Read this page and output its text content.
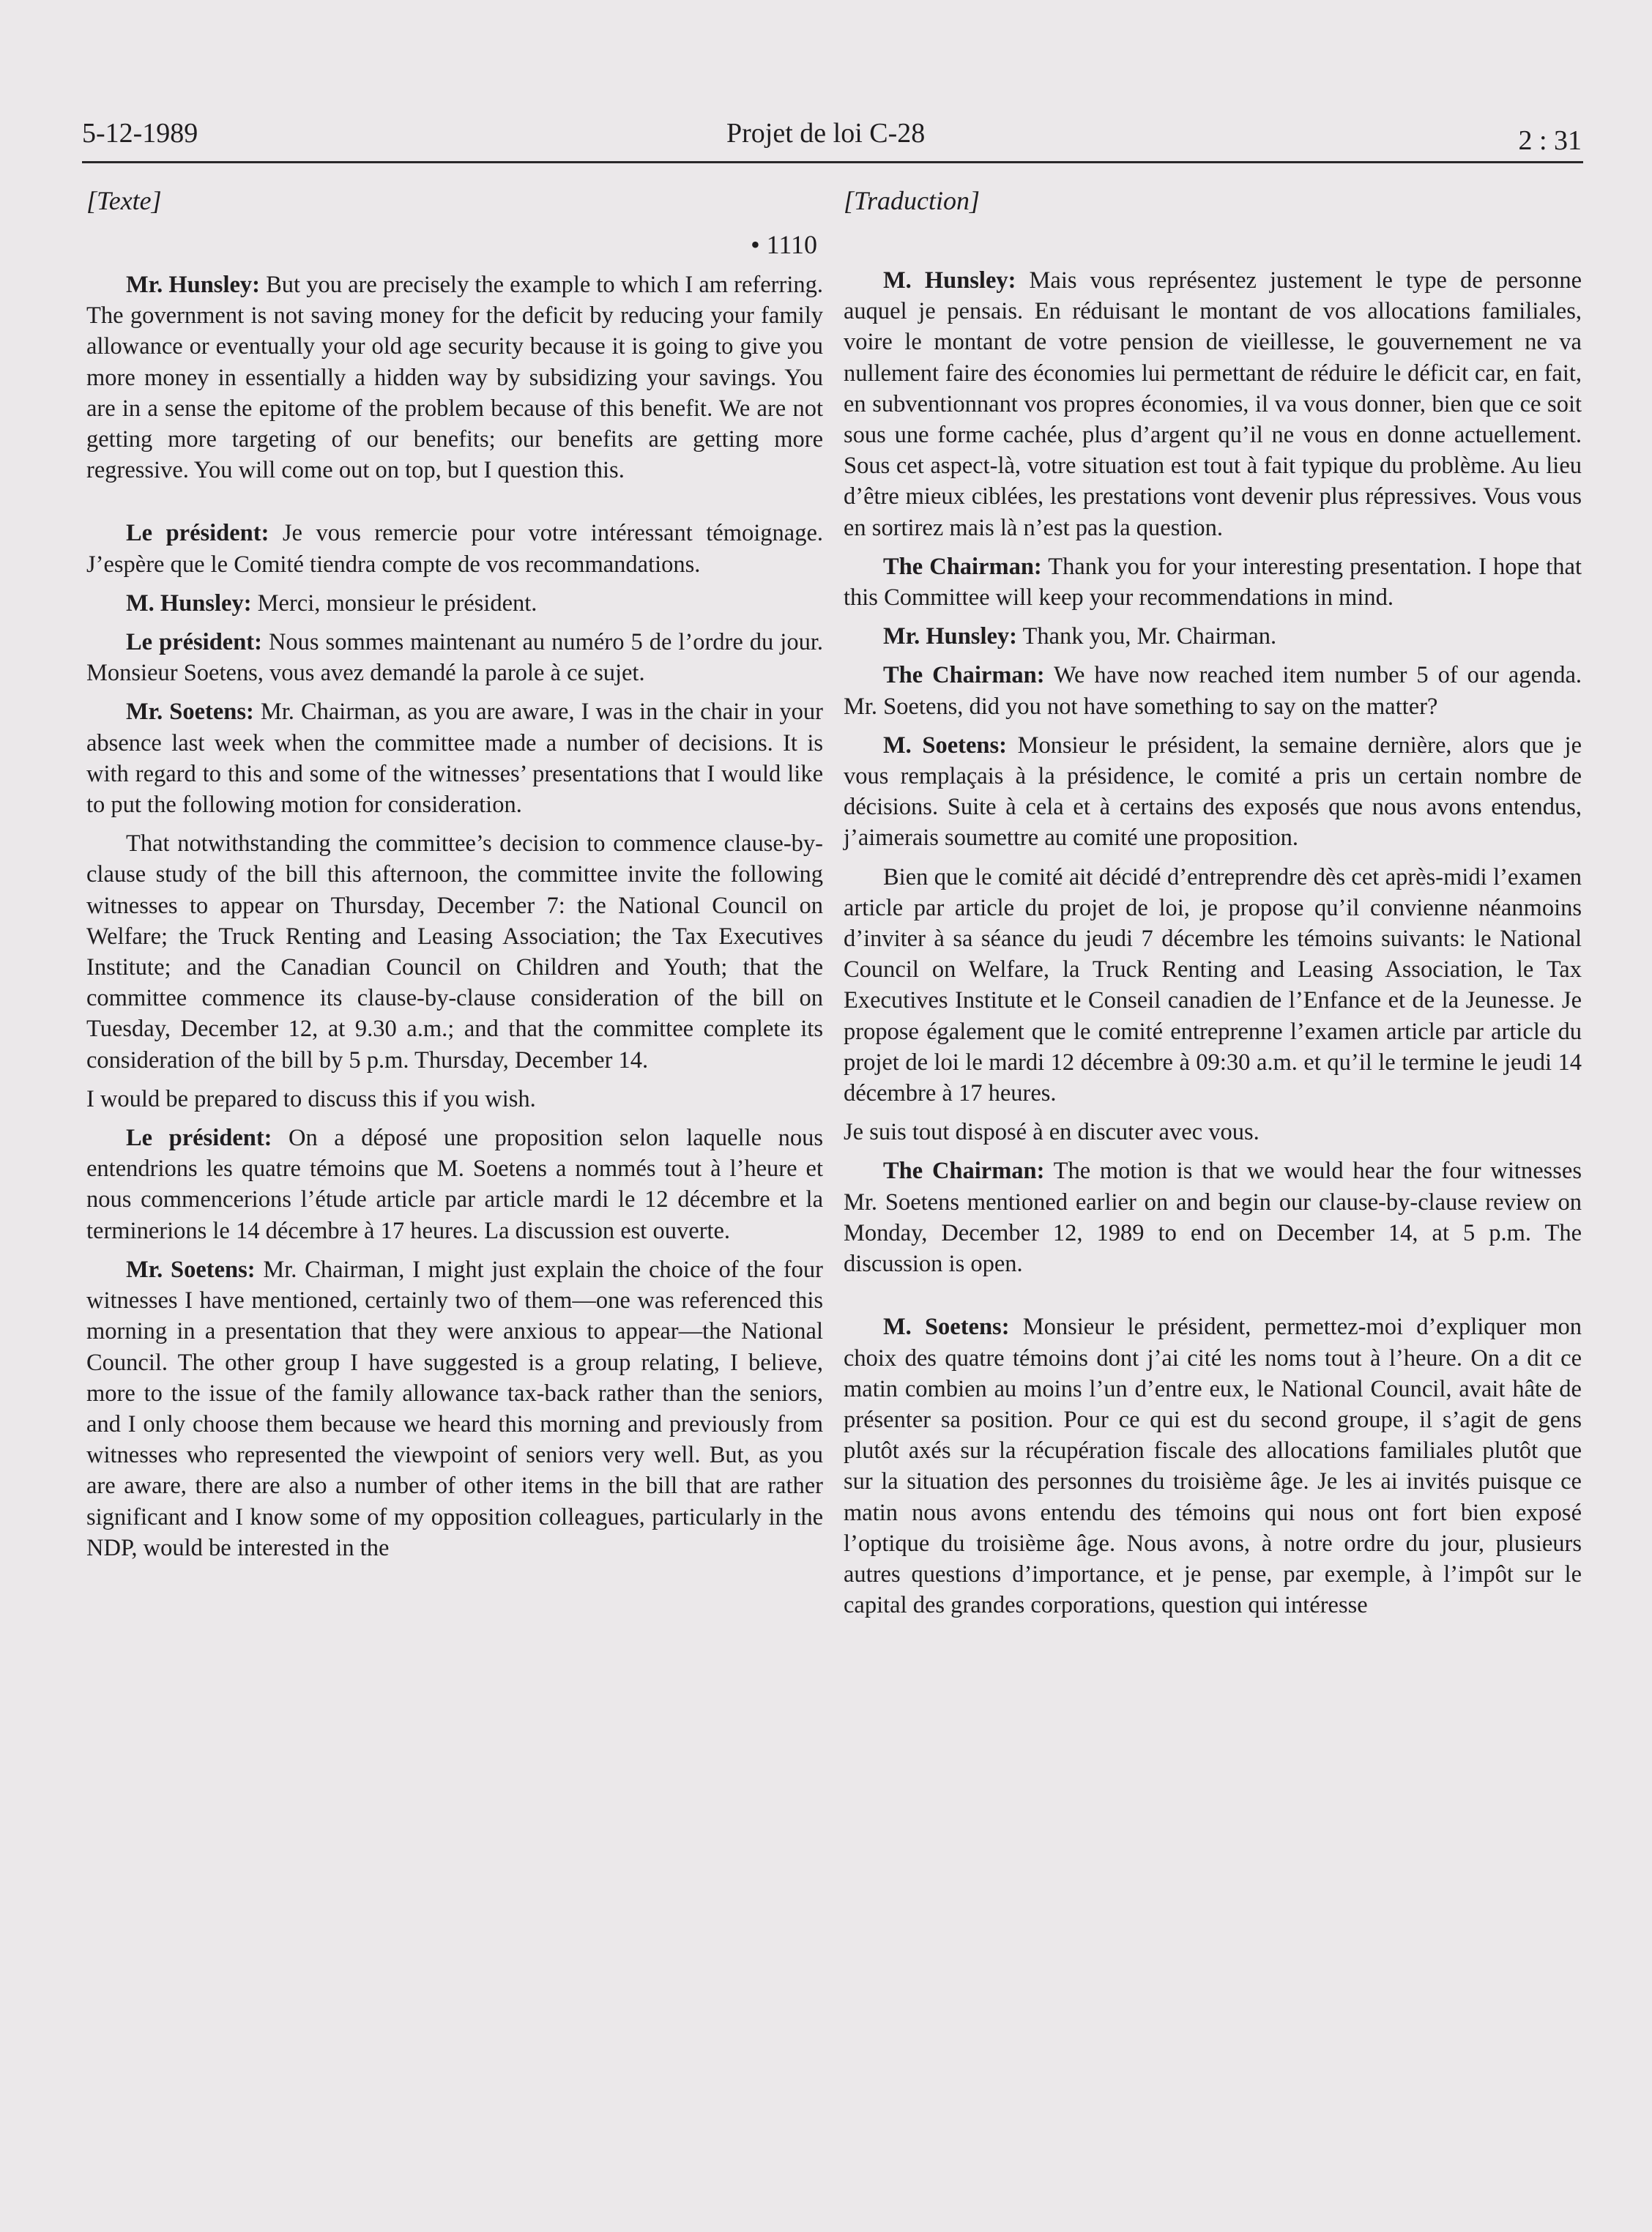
5-12-1989	Projet de loi C-28	2 : 31
[Texte]
• 1110

Mr. Hunsley: But you are precisely the example to which I am referring. The government is not saving money for the deficit by reducing your family allowance or eventually your old age security because it is going to give you more money in essentially a hidden way by subsidizing your savings. You are in a sense the epitome of the problem because of this benefit. We are not getting more targeting of our benefits; our benefits are getting more regressive. You will come out on top, but I question this.

Le président: Je vous remercie pour votre intéressant témoignage. J’espère que le Comité tiendra compte de vos recommandations.

M. Hunsley: Merci, monsieur le président.

Le président: Nous sommes maintenant au numéro 5 de l’ordre du jour. Monsieur Soetens, vous avez demandé la parole à ce sujet.

Mr. Soetens: Mr. Chairman, as you are aware, I was in the chair in your absence last week when the committee made a number of decisions. It is with regard to this and some of the witnesses’ presentations that I would like to put the following motion for consideration.

That notwithstanding the committee’s decision to commence clause-by-clause study of the bill this afternoon, the committee invite the following witnesses to appear on Thursday, December 7: the National Council on Welfare; the Truck Renting and Leasing Association; the Tax Executives Institute; and the Canadian Council on Children and Youth; that the committee commence its clause-by-clause consideration of the bill on Tuesday, December 12, at 9.30 a.m.; and that the committee complete its consideration of the bill by 5 p.m. Thursday, December 14.

I would be prepared to discuss this if you wish.

Le président: On a déposé une proposition selon laquelle nous entendrions les quatre témoins que M. Soetens a nommés tout à l’heure et nous commencerions l’étude article par article mardi le 12 décembre et la terminerions le 14 décembre à 17 heures. La discussion est ouverte.

Mr. Soetens: Mr. Chairman, I might just explain the choice of the four witnesses I have mentioned, certainly two of them—one was referenced this morning in a presentation that they were anxious to appear—the National Council. The other group I have suggested is a group relating, I believe, more to the issue of the family allowance tax-back rather than the seniors, and I only choose them because we heard this morning and previously from witnesses who represented the viewpoint of seniors very well. But, as you are aware, there are also a number of other items in the bill that are rather significant and I know some of my opposition colleagues, particularly in the NDP, would be interested in the

[Traduction]

M. Hunsley: Mais vous représentez justement le type de personne auquel je pensais. En réduisant le montant de vos allocations familiales, voire le montant de votre pension de vieillesse, le gouvernement ne va nullement faire des économies lui permettant de réduire le déficit car, en fait, en subventionnant vos propres économies, il va vous donner, bien que ce soit sous une forme cachée, plus d’argent qu’il ne vous en donne actuellement. Sous cet aspect-là, votre situation est tout à fait typique du problème. Au lieu d’être mieux ciblées, les prestations vont devenir plus répressives. Vous vous en sortirez mais là n’est pas la question.

The Chairman: Thank you for your interesting presentation. I hope that this Committee will keep your recommendations in mind.

Mr. Hunsley: Thank you, Mr. Chairman.

The Chairman: We have now reached item number 5 of our agenda. Mr. Soetens, did you not have something to say on the matter?

M. Soetens: Monsieur le président, la semaine dernière, alors que je vous remplaçais à la présidence, le comité a pris un certain nombre de décisions. Suite à cela et à certains des exposés que nous avons entendus, j’aimerais soumettre au comité une proposition.

Bien que le comité ait décidé d’entreprendre dès cet après-midi l’examen article par article du projet de loi, je propose qu’il convienne néanmoins d’inviter à sa séance du jeudi 7 décembre les témoins suivants: le National Council on Welfare, la Truck Renting and Leasing Association, le Tax Executives Institute et le Conseil canadien de l’Enfance et de la Jeunesse. Je propose également que le comité entreprenne l’examen article par article du projet de loi le mardi 12 décembre à 09:30 a.m. et qu’il le termine le jeudi 14 décembre à 17 heures.

Je suis tout disposé à en discuter avec vous.

The Chairman: The motion is that we would hear the four witnesses Mr. Soetens mentioned earlier on and begin our clause-by-clause review on Monday, December 12, 1989 to end on December 14, at 5 p.m. The discussion is open.

M. Soetens: Monsieur le président, permettez-moi d’expliquer mon choix des quatre témoins dont j’ai cité les noms tout à l’heure. On a dit ce matin combien au moins l’un d’entre eux, le National Council, avait hâte de présenter sa position. Pour ce qui est du second groupe, il s’agit de gens plutôt axés sur la récupération fiscale des allocations familiales plutôt que sur la situation des personnes du troisième âge. Je les ai invités puisque ce matin nous avons entendu des témoins qui nous ont fort bien exposé l’optique du troisième âge. Nous avons, à notre ordre du jour, plusieurs autres questions d’importance, et je pense, par exemple, à l’impôt sur le capital des grandes corporations, question qui intéresse
